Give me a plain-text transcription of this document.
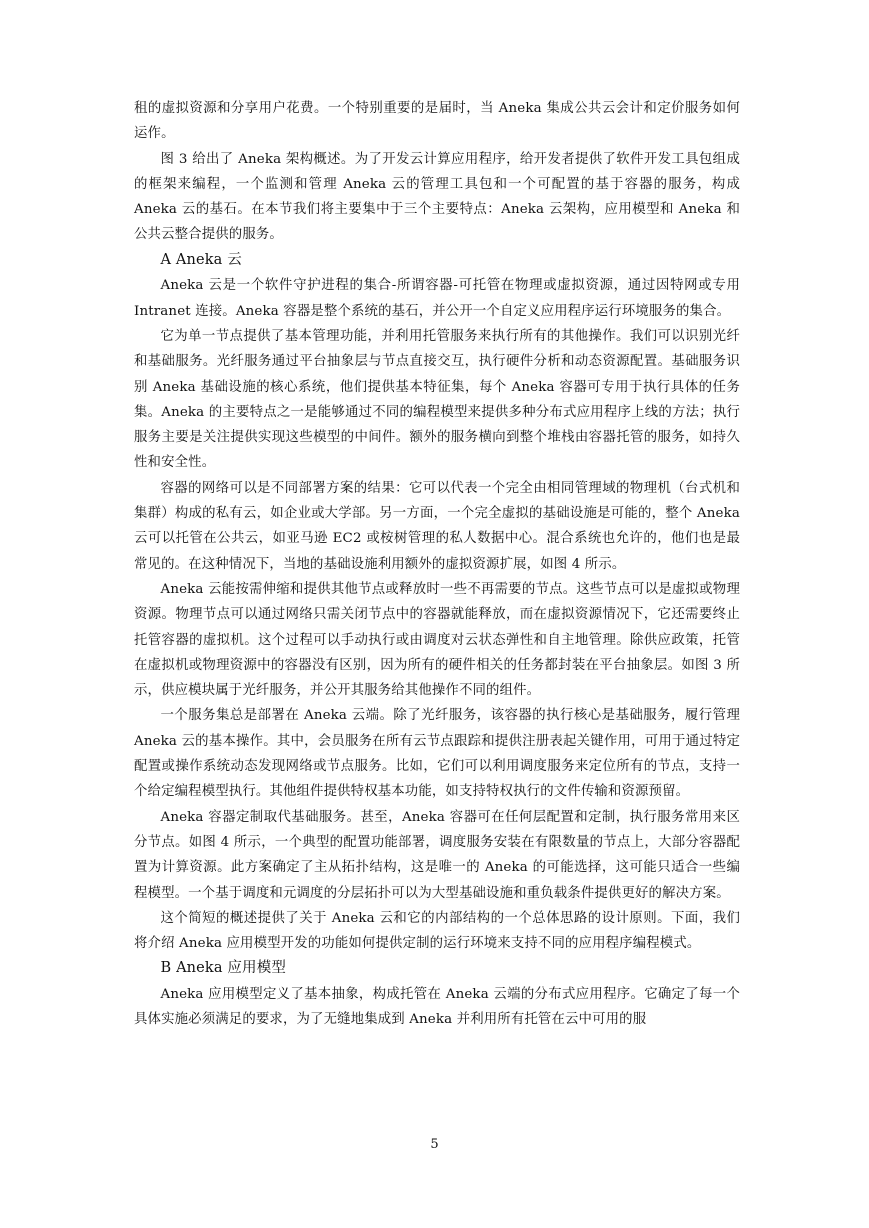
租的虚拟资源和分享用户花费。一个特别重要的是届时，当 Aneka 集成公共云会计和定价服务如何运作。

图 3 给出了 Aneka 架构概述。为了开发云计算应用程序，给开发者提供了软件开发工具包组成的框架来编程，一个监测和管理 Aneka 云的管理工具包和一个可配置的基于容器的服务，构成 Aneka 云的基石。在本节我们将主要集中于三个主要特点：Aneka 云架构，应用模型和 Aneka 和公共云整合提供的服务。

A Aneka 云

Aneka 云是一个软件守护进程的集合-所谓容器-可托管在物理或虚拟资源，通过因特网或专用 Intranet 连接。Aneka 容器是整个系统的基石，并公开一个自定义应用程序运行环境服务的集合。

它为单一节点提供了基本管理功能，并利用托管服务来执行所有的其他操作。我们可以识别光纤和基础服务。光纤服务通过平台抽象层与节点直接交互，执行硬件分析和动态资源配置。基础服务识别 Aneka 基础设施的核心系统，他们提供基本特征集，每个 Aneka 容器可专用于执行具体的任务集。Aneka 的主要特点之一是能够通过不同的编程模型来提供多种分布式应用程序上线的方法；执行服务主要是关注提供实现这些模型的中间件。额外的服务横向到整个堆栈由容器托管的服务，如持久性和安全性。

容器的网络可以是不同部署方案的结果：它可以代表一个完全由相同管理域的物理机（台式机和集群）构成的私有云，如企业或大学部。另一方面，一个完全虚拟的基础设施是可能的，整个 Aneka 云可以托管在公共云，如亚马逊 EC2 或桉树管理的私人数据中心。混合系统也允许的，他们也是最常见的。在这种情况下，当地的基础设施利用额外的虚拟资源扩展，如图 4 所示。

Aneka 云能按需伸缩和提供其他节点或释放时一些不再需要的节点。这些节点可以是虚拟或物理资源。物理节点可以通过网络只需关闭节点中的容器就能释放，而在虚拟资源情况下，它还需要终止托管容器的虚拟机。这个过程可以手动执行或由调度对云状态弹性和自主地管理。除供应政策，托管在虚拟机或物理资源中的容器没有区别，因为所有的硬件相关的任务都封装在平台抽象层。如图 3 所示，供应模块属于光纤服务，并公开其服务给其他操作不同的组件。

一个服务集总是部署在 Aneka 云端。除了光纤服务，该容器的执行核心是基础服务，履行管理 Aneka 云的基本操作。其中，会员服务在所有云节点跟踪和提供注册表起关键作用，可用于通过特定配置或操作系统动态发现网络或节点服务。比如，它们可以利用调度服务来定位所有的节点，支持一个给定编程模型执行。其他组件提供特权基本功能，如支持特权执行的文件传输和资源预留。

Aneka 容器定制取代基础服务。甚至，Aneka 容器可在任何层配置和定制，执行服务常用来区分节点。如图 4 所示，一个典型的配置功能部署，调度服务安装在有限数量的节点上，大部分容器配置为计算资源。此方案确定了主从拓扑结构，这是唯一的 Aneka 的可能选择，这可能只适合一些编程模型。一个基于调度和元调度的分层拓扑可以为大型基础设施和重负载条件提供更好的解决方案。

这个简短的概述提供了关于 Aneka 云和它的内部结构的一个总体思路的设计原则。下面，我们将介绍 Aneka 应用模型开发的功能如何提供定制的运行环境来支持不同的应用程序编程模式。

B Aneka 应用模型

Aneka 应用模型定义了基本抽象，构成托管在 Aneka 云端的分布式应用程序。它确定了每一个具体实施必须满足的要求，为了无缝地集成到 Aneka 并利用所有托管在云中可用的服

5
